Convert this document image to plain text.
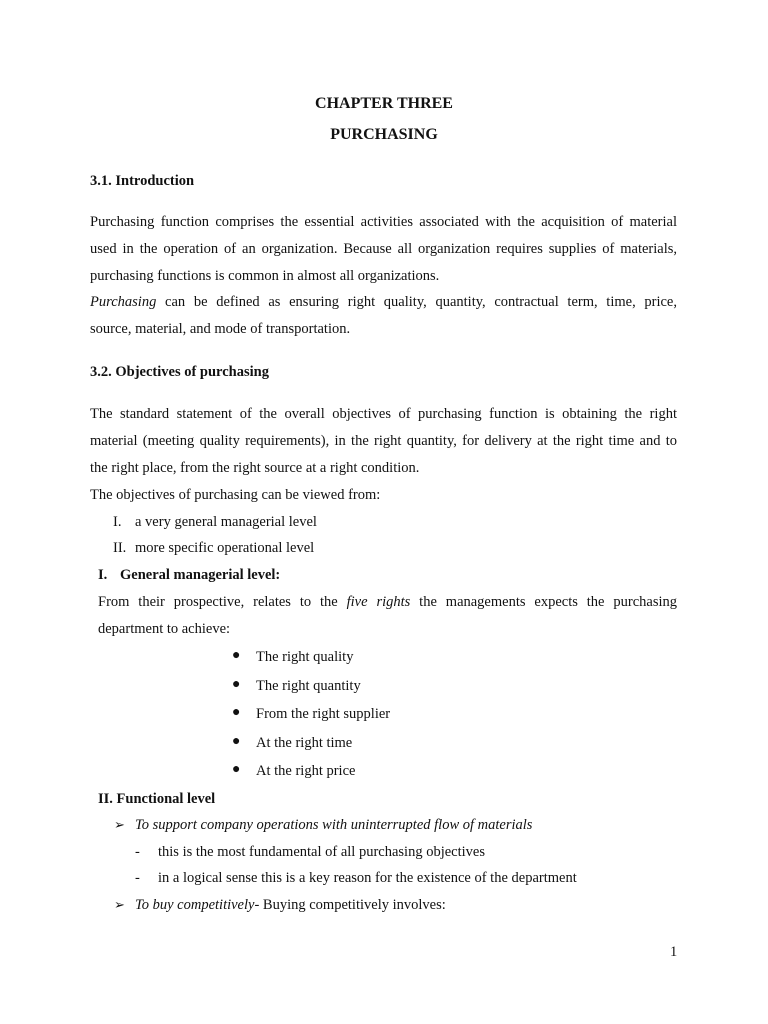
CHAPTER THREE
PURCHASING
3.1. Introduction
Purchasing function comprises the essential activities associated with the acquisition of material
used in the operation of an organization. Because all organization requires supplies of materials,
purchasing functions is common in almost all organizations.
Purchasing can be defined as ensuring right quality, quantity, contractual term, time, price,
source, material, and mode of transportation.
3.2. Objectives of purchasing
The standard statement of the overall objectives of purchasing function is obtaining the right
material (meeting quality requirements), in the right quantity, for delivery at the right time and to
the right place, from the right source at a right condition.
The objectives of purchasing can be viewed from:
I. a very general managerial level
II. more specific operational level
I. General managerial level:
From their prospective, relates to the five rights the managements expects the purchasing
department to achieve:
● The right quality
● The right quantity
● From the right supplier
● At the right time
● At the right price
II. Functional level
➢ To support company operations with uninterrupted flow of materials
- this is the most fundamental of all purchasing objectives
- in a logical sense this is a key reason for the existence of the department
➢ To buy competitively- Buying competitively involves:
1
